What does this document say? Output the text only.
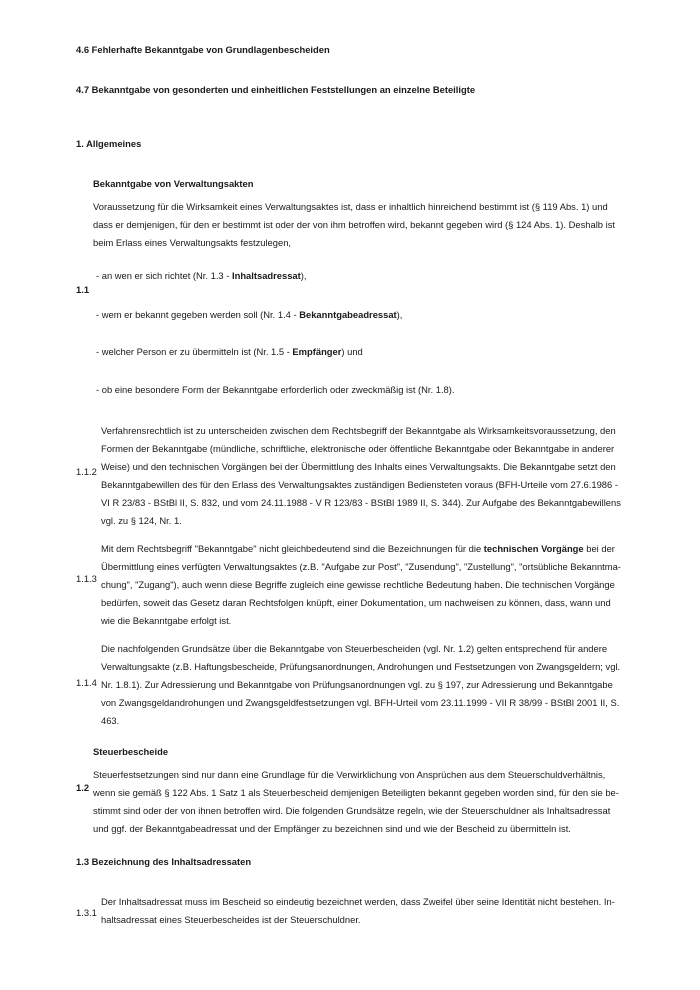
4.6 Fehlerhafte Bekanntgabe von Grundlagenbescheiden
4.7 Bekanntgabe von gesonderten und einheitlichen Feststellungen an einzelne Beteiligte
1. Allgemeines
Bekanntgabe von Verwaltungsakten
Voraussetzung für die Wirksamkeit eines Verwaltungsaktes ist, dass er inhaltlich hinreichend bestimmt ist (§ 119 Abs. 1) und dass er demjenigen, für den er bestimmt ist oder der von ihm betroffen wird, bekannt gegeben wird (§ 124 Abs. 1). Deshalb ist beim Erlass eines Verwaltungsakts festzulegen,
1.1
- an wen er sich richtet (Nr. 1.3 - Inhaltsadressat),
- wem er bekannt gegeben werden soll (Nr. 1.4 - Bekanntgabeadressat),
- welcher Person er zu übermitteln ist (Nr. 1.5 - Empfänger) und
- ob eine besondere Form der Bekanntgabe erforderlich oder zweckmäßig ist (Nr. 1.8).
1.1.2
Verfahrensrechtlich ist zu unterscheiden zwischen dem Rechtsbegriff der Bekanntgabe als Wirksamkeitsvoraussetzung, den Formen der Bekanntgabe (mündliche, schriftliche, elektronische oder öffentliche Bekanntgabe oder Bekanntgabe in anderer Weise) und den technischen Vorgängen bei der Übermittlung des Inhalts eines Verwaltungsakts. Die Bekanntgabe setzt den Bekanntgabewillen des für den Erlass des Verwaltungsaktes zuständigen Bediensteten voraus (BFH-Urteile vom 27.6.1986 - VI R 23/83 - BStBl II, S. 832, und vom 24.11.1988 - V R 123/83 - BStBl 1989 II, S. 344). Zur Aufgabe des Bekanntgabewillens vgl. zu § 124, Nr. 1.
1.1.3
Mit dem Rechtsbegriff "Bekanntgabe" nicht gleichbedeutend sind die Bezeichnungen für die technischen Vorgänge bei der Übermittlung eines verfügten Verwaltungsaktes (z.B. "Aufgabe zur Post", "Zusendung", "Zustellung", "ortsübliche Bekanntma-chung", "Zugang"), auch wenn diese Begriffe zugleich eine gewisse rechtliche Bedeutung haben. Die technischen Vorgänge bedürfen, soweit das Gesetz daran Rechtsfolgen knüpft, einer Dokumentation, um nachweisen zu können, dass, wann und wie die Bekanntgabe erfolgt ist.
1.1.4
Die nachfolgenden Grundsätze über die Bekanntgabe von Steuerbescheiden (vgl. Nr. 1.2) gelten entsprechend für andere Verwaltungsakte (z.B. Haftungsbescheide, Prüfungsanordnungen, Androhungen und Festsetzungen von Zwangsgeldern; vgl. Nr. 1.8.1). Zur Adressierung und Bekanntgabe von Prüfungsanordnungen vgl. zu § 197, zur Adressierung und Bekanntgabe von Zwangsgeldandrohungen und Zwangsgeldfestsetzungen vgl. BFH-Urteil vom 23.11.1999 - VII R 38/99 - BStBl 2001 II, S. 463.
Steuerbescheide
1.2
Steuerfestsetzungen sind nur dann eine Grundlage für die Verwirklichung von Ansprüchen aus dem Steuerschuldverhältnis, wenn sie gemäß § 122 Abs. 1 Satz 1 als Steuerbescheid demjenigen Beteiligten bekannt gegeben worden sind, für den sie be-stimmt sind oder der von ihnen betroffen wird. Die folgenden Grundsätze regeln, wie der Steuerschuldner als Inhaltsadressat und ggf. der Bekanntgabeadressat und der Empfänger zu bezeichnen sind und wie der Bescheid zu übermitteln ist.
1.3 Bezeichnung des Inhaltsadressaten
1.3.1
Der Inhaltsadressat muss im Bescheid so eindeutig bezeichnet werden, dass Zweifel über seine Identität nicht bestehen. In-haltsadressat eines Steuerbescheides ist der Steuerschuldner.
